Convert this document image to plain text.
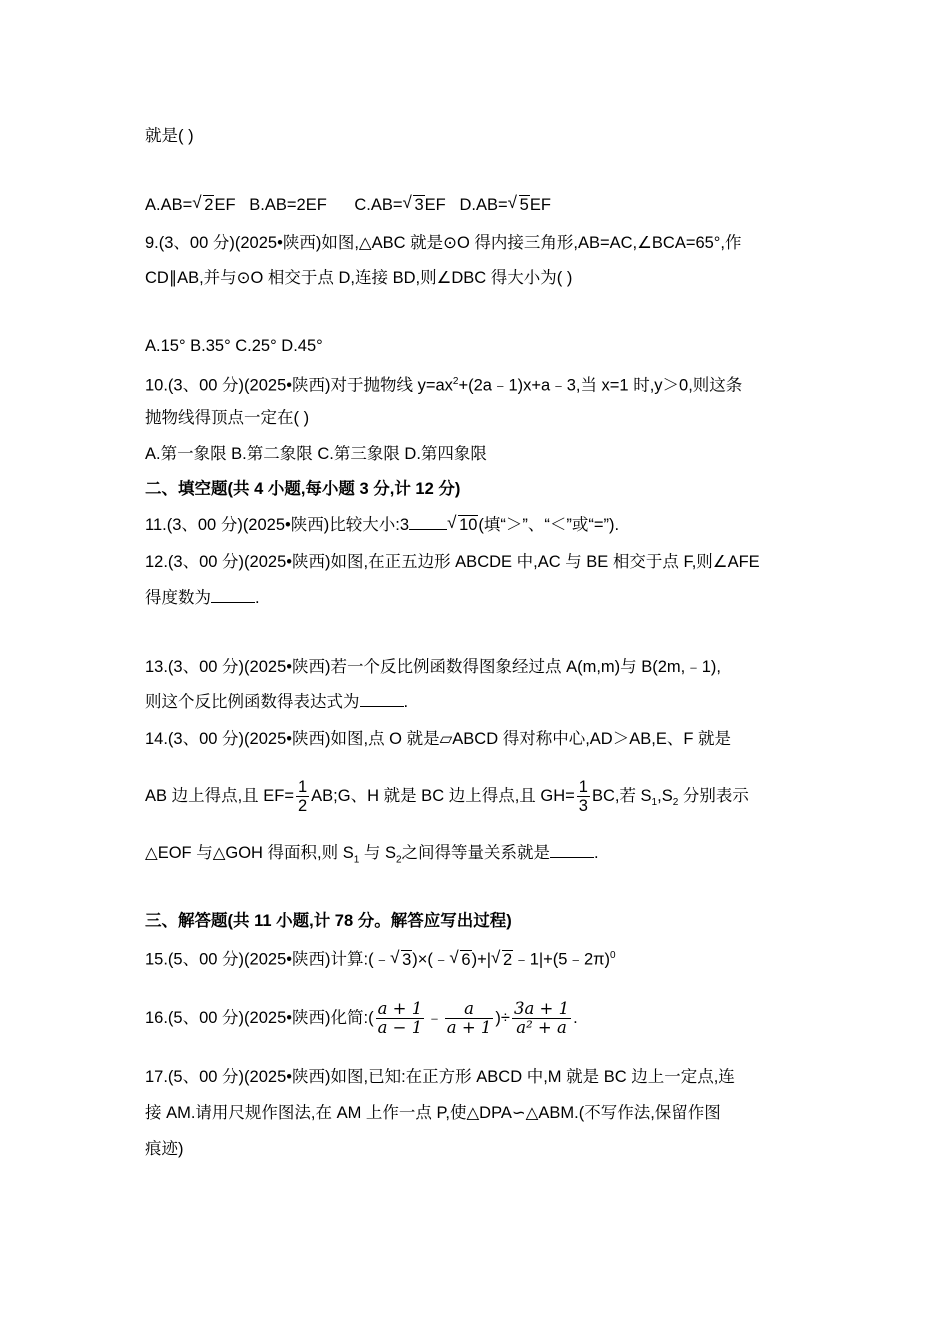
就是( )
A.AB= √ 2EF B.AB=2EF C.AB= √ 3EF D.AB= √ 5EF
9.(3、00 分)(2025•陕西)如图,△ABC 就是⊙O 得内接三角形,AB=AC,∠BCA=65°,作
CD∥AB,并与⊙O 相交于点 D,连接 BD,则∠DBC 得大小为( )
A.15° B.35° C.25° D.45°
10.(3、00 分)(2025•陕西)对于抛物线 $y=ax^2+(2a﹣1)x+a﹣3$,当 x=1 时,y＞0,则这条
抛物线得顶点一定在( )
A.第一象限 B.第二象限 C.第三象限 D.第四象限
二、填空题(共 4 小题,每小题 3 分,计 12 分)
11.(3、00 分)(2025•陕西)比较大小:3	√ 10(填“＞”、“＜”或“=”).
12.(3、00 分)(2025•陕西)如图,在正五边形 ABCDE 中,AC 与 BE 相交于点 F,则∠AFE
得度数为	.
13.(3、00 分)(2025•陕西)若一个反比例函数得图象经过点 A(m,m)与 B(2m,﹣1),
则这个反比例函数得表达式为	.
14.(3、00 分)(2025•陕西)如图,点 O 就是▱ABCD 得对称中心,AD＞AB,E、F 就是
AB 边上得点,且 $EF= \frac{1}{2}$ AB;G、H 就是 BC 边上得点,且 $GH= \frac{1}{3}$ BC,若 $S_1,S_2$ 分别表示
△EOF 与△GOH 得面积,则 $S_1$ 与 $S_2$之间得等量关系就是	.
三、解答题(共 11 小题,计 78 分。解答应写出过程)
15.(5、00 分)(2025•陕西)计算:(﹣ √ 3)×(﹣ √ 6)+| √ 2﹣1|+(5﹣2π)$^0$
16.(5、00 分)(2025•陕西)化简:( $\frac{a + 1}{a - 1}$ ﹣ $\frac{a}{a + 1}$ )÷ $\frac{3a + 1}{\text{a² + a}}$ .
17.(5、00 分)(2025•陕西)如图,已知:在正方形 ABCD 中,M 就是 BC 边上一定点,连
接 AM.请用尺规作图法,在 AM 上作一点 P,使△DPA∽△ABM.(不写作法,保留作图
痕迹)
